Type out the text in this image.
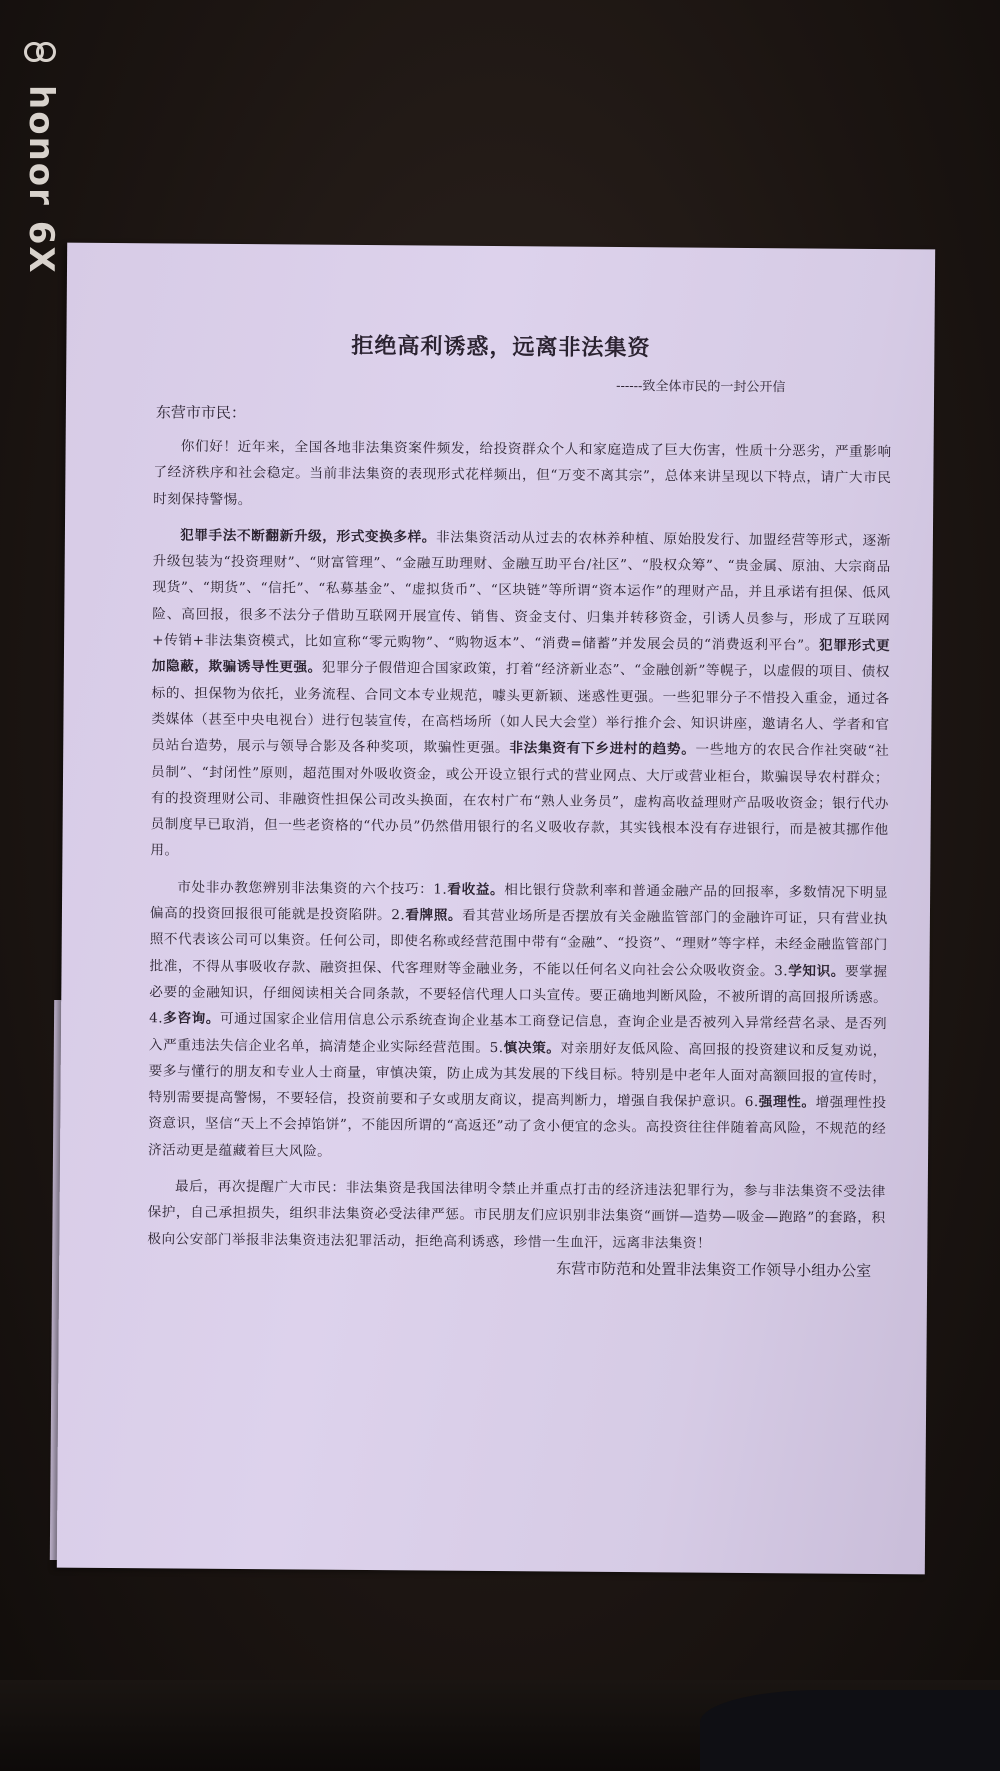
honor 6X
拒绝高利诱惑，远离非法集资
------致全体市民的一封公开信
东营市市民：

你们好！近年来，全国各地非法集资案件频发，给投资群众个人和家庭造成了巨大伤害，性质十分恶劣，严重影响了经济秩序和社会稳定。当前非法集资的表现形式花样频出，但“万变不离其宗”，总体来讲呈现以下特点，请广大市民时刻保持警惕。

犯罪手法不断翻新升级，形式变换多样。非法集资活动从过去的农林养种植、原始股发行、加盟经营等形式，逐渐升级包装为“投资理财”、“财富管理”、“金融互助理财、金融互助平台/社区”、“股权众筹”、“贵金属、原油、大宗商品现货”、“期货”、“信托”、“私募基金”、“虚拟货币”、“区块链”等所谓“资本运作”的理财产品，并且承诺有担保、低风险、高回报，很多不法分子借助互联网开展宣传、销售、资金支付、归集并转移资金，引诱人员参与，形成了互联网+传销+非法集资模式，比如宣称“零元购物”、“购物返本”、“消费=储蓄”并发展会员的“消费返利平台”。犯罪形式更加隐蔽，欺骗诱导性更强。犯罪分子假借迎合国家政策，打着“经济新业态”、“金融创新”等幌子，以虚假的项目、债权标的、担保物为依托，业务流程、合同文本专业规范，噱头更新颖、迷惑性更强。一些犯罪分子不惜投入重金，通过各类媒体（甚至中央电视台）进行包装宣传，在高档场所（如人民大会堂）举行推介会、知识讲座，邀请名人、学者和官员站台造势，展示与领导合影及各种奖项，欺骗性更强。非法集资有下乡进村的趋势。一些地方的农民合作社突破“社员制”、“封闭性”原则，超范围对外吸收资金，或公开设立银行式的营业网点、大厅或营业柜台，欺骗误导农村群众；有的投资理财公司、非融资性担保公司改头换面，在农村广布“熟人业务员”，虚构高收益理财产品吸收资金；银行代办员制度早已取消，但一些老资格的“代办员”仍然借用银行的名义吸收存款，其实钱根本没有存进银行，而是被其挪作他用。

市处非办教您辨别非法集资的六个技巧：1.看收益。相比银行贷款利率和普通金融产品的回报率，多数情况下明显偏高的投资回报很可能就是投资陷阱。2.看牌照。看其营业场所是否摆放有关金融监管部门的金融许可证，只有营业执照不代表该公司可以集资。任何公司，即使名称或经营范围中带有“金融”、“投资”、“理财”等字样，未经金融监管部门批准，不得从事吸收存款、融资担保、代客理财等金融业务，不能以任何名义向社会公众吸收资金。3.学知识。要掌握必要的金融知识，仔细阅读相关合同条款，不要轻信代理人口头宣传。要正确地判断风险，不被所谓的高回报所诱惑。4.多咨询。可通过国家企业信用信息公示系统查询企业基本工商登记信息，查询企业是否被列入异常经营名录、是否列入严重违法失信企业名单，搞清楚企业实际经营范围。5.慎决策。对亲朋好友低风险、高回报的投资建议和反复劝说，要多与懂行的朋友和专业人士商量，审慎决策，防止成为其发展的下线目标。特别是中老年人面对高额回报的宣传时，特别需要提高警惕，不要轻信，投资前要和子女或朋友商议，提高判断力，增强自我保护意识。6.强理性。增强理性投资意识，坚信“天上不会掉馅饼”，不能因所谓的“高返还”动了贪小便宜的念头。高投资往往伴随着高风险，不规范的经济活动更是蕴藏着巨大风险。

最后，再次提醒广大市民：非法集资是我国法律明令禁止并重点打击的经济违法犯罪行为，参与非法集资不受法律保护，自己承担损失，组织非法集资必受法律严惩。市民朋友们应识别非法集资“画饼—造势—吸金—跑路”的套路，积极向公安部门举报非法集资违法犯罪活动，拒绝高利诱惑，珍惜一生血汗，远离非法集资！

东营市防范和处置非法集资工作领导小组办公室
